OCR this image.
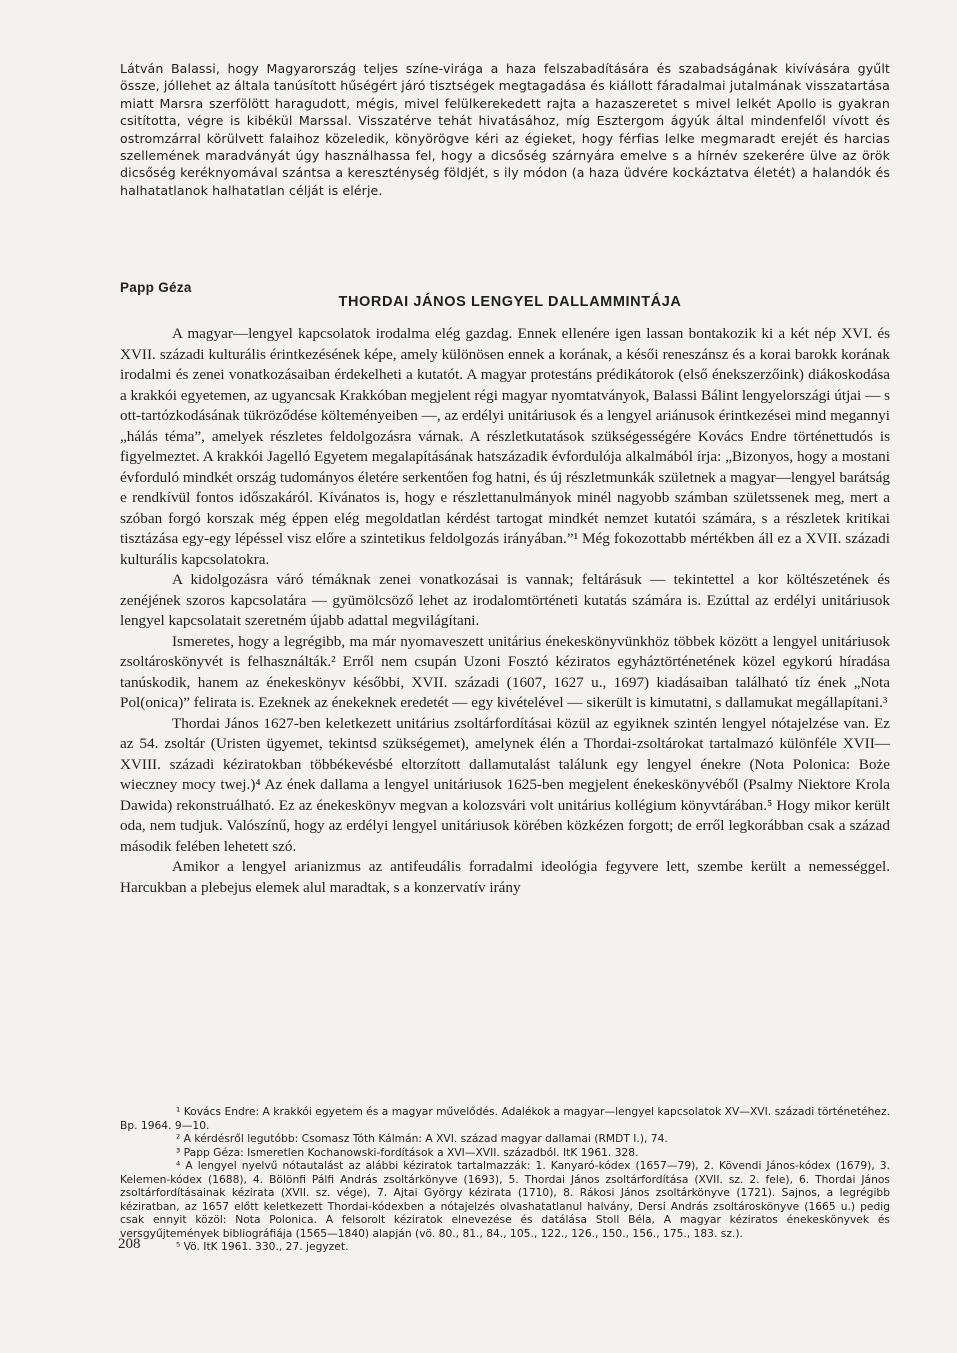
Látván Balassi, hogy Magyarország teljes színe-virága a haza felszabadítására és szabadságának kivívására gyűlt össze, jóllehet az általa tanúsított hűségért járó tisztségek megtagadása és kiállott fáradalmai jutalmának visszatartása miatt Marsra szerfölött haragudott, mégis, mivel felülkerekedett rajta a hazaszeretet s mivel lelkét Apollo is gyakran csitította, végre is kibékül Marssal. Visszatérve tehát hivatásához, míg Esztergom ágyúk által mindenfelől vívott és ostromzárral körülvett falaihoz közeledik, könyörögve kéri az égieket, hogy férfias lelke megmaradt erejét és harcias szellemének maradványát úgy használhassa fel, hogy a dicsőség szárnyára emelve s a hírnév szekerére ülve az örök dicsőség keréknyomával szántsa a kereszténység földjét, s ily módon (a haza üdvére kockáztatva életét) a halandók és halhatatlanok halhatatlan célját is elérje.

Papp Géza
THORDAI JÁNOS LENGYEL DALLAMMINTÁJA

A magyar—lengyel kapcsolatok irodalma elég gazdag. Ennek ellenére igen lassan bontakozik ki a két nép XVI. és XVII. századi kulturális érintkezésének képe, amely különösen ennek a korának, a késői reneszánsz és a korai barokk korának irodalmi és zenei vonatkozásaiban érdekelheti a kutatót. A magyar protestáns prédikátorok (első énekszerzőink) diákoskodása a krakkói egyetemen, az ugyancsak Krakkóban megjelent régi magyar nyomtatványok, Balassi Bálint lengyelországi útjai — s ott-tartózkodásának tükröződése költeményeiben —, az erdélyi unitáriusok és a lengyel ariánusok érintkezései mind megannyi „hálás téma”, amelyek részletes feldolgozásra várnak. A részletkutatások szükségességére Kovács Endre történettudós is figyelmeztet. A krakkói Jagelló Egyetem megalapításának hatszázadik évfordulója alkalmából írja: „Bizonyos, hogy a mostani évforduló mindkét ország tudományos életére serkentően fog hatni, és új részletmunkák születnek a magyar—lengyel barátság e rendkívül fontos időszakáról. Kívánatos is, hogy e részlettanulmányok minél nagyobb számban születssenek meg, mert a szóban forgó korszak még éppen elég megoldatlan kérdést tartogat mindkét nemzet kutatói számára, s a részletek kritikai tisztázása egy-egy lépéssel visz előre a szintetikus feldolgozás irányában.”¹ Még fokozottabb mértékben áll ez a XVII. századi kulturális kapcsolatokra.

A kidolgozásra váró témáknak zenei vonatkozásai is vannak; feltárásuk — tekintettel a kor költészetének és zenéjének szoros kapcsolatára — gyümölcsöző lehet az irodalomtörténeti kutatás számára is. Ezúttal az erdélyi unitáriusok lengyel kapcsolatait szeretném újabb adattal megvilágítani.

Ismeretes, hogy a legrégibb, ma már nyomaveszett unitárius énekeskönyvünkhöz többek között a lengyel unitáriusok zsoltároskönyvét is felhasználták.² Erről nem csupán Uzoni Fosztó kéziratos egyháztörténetének közel egykorú híradása tanúskodik, hanem az énekeskönyv későbbi, XVII. századi (1607, 1627 u., 1697) kiadásaiban található tíz ének „Nota Pol(onica)” felirata is. Ezeknek az énekeknek eredetét — egy kivételével — sikerült is kimutatni, s dallamukat megállapítani.³

Thordai János 1627-ben keletkezett unitárius zsoltárfordításai közül az egyiknek szintén lengyel nótajelzése van. Ez az 54. zsoltár (Uristen ügyemet, tekintsd szükségemet), amelynek élén a Thordai-zsoltárokat tartalmazó különféle XVII—XVIII. századi kéziratokban többékevésbé eltorzított dallamutalást találunk egy lengyel énekre (Nota Polonica: Boże wieczney mocy twej.)⁴ Az ének dallama a lengyel unitáriusok 1625-ben megjelent énekeskönyvéből (Psalmy Niektore Krola Dawida) rekonstruálható. Ez az énekeskönyv megvan a kolozsvári volt unitárius kollégium könyvtárában.⁵ Hogy mikor került oda, nem tudjuk. Valószínű, hogy az erdélyi lengyel unitáriusok körében közkézen forgott; de erről legkorábban csak a század második felében lehetett szó.

Amikor a lengyel arianizmus az antifeudális forradalmi ideológia fegyvere lett, szembe került a nemességgel. Harcukban a plebejus elemek alul maradtak, s a konzervatív irány

¹ Kovács Endre: A krakkói egyetem és a magyar művelődés. Adalékok a magyar—lengyel kapcsolatok XV—XVI. századi történetéhez. Bp. 1964. 9—10.

² A kérdésről legutóbb: Csomasz Tóth Kálmán: A XVI. század magyar dallamai (RMDT I.), 74.

³ Papp Géza: Ismeretlen Kochanowski-fordítások a XVI—XVII. századból. ItK 1961. 328.

⁴ A lengyel nyelvű nótautalást az alábbi kéziratok tartalmazzák: 1. Kanyaró-kódex (1657—79), 2. Kövendi János-kódex (1679), 3. Kelemen-kódex (1688), 4. Bölönfi Pálfi András zsoltárkönyve (1693), 5. Thordai János zsoltárfordítása (XVII. sz. 2. fele), 6. Thordai János zsoltárfordításainak kézirata (XVII. sz. vége), 7. Ajtai György kézirata (1710), 8. Rákosi János zsoltárkönyve (1721). Sajnos, a legrégibb kéziratban, az 1657 előtt keletkezett Thordai-kódexben a nótajelzés olvashatatlanul halvány, Dersi András zsoltároskönyve (1665 u.) pedig csak ennyit közöl: Nota Polonica. A felsorolt kéziratok elnevezése és datálása Stoll Béla, A magyar kéziratos énekeskönyvek és versgyűjtemények bibliográfiája (1565—1840) alapján (vö. 80., 81., 84., 105., 122., 126., 150., 156., 175., 183. sz.).

⁵ Vö. ItK 1961. 330., 27. jegyzet.

208
